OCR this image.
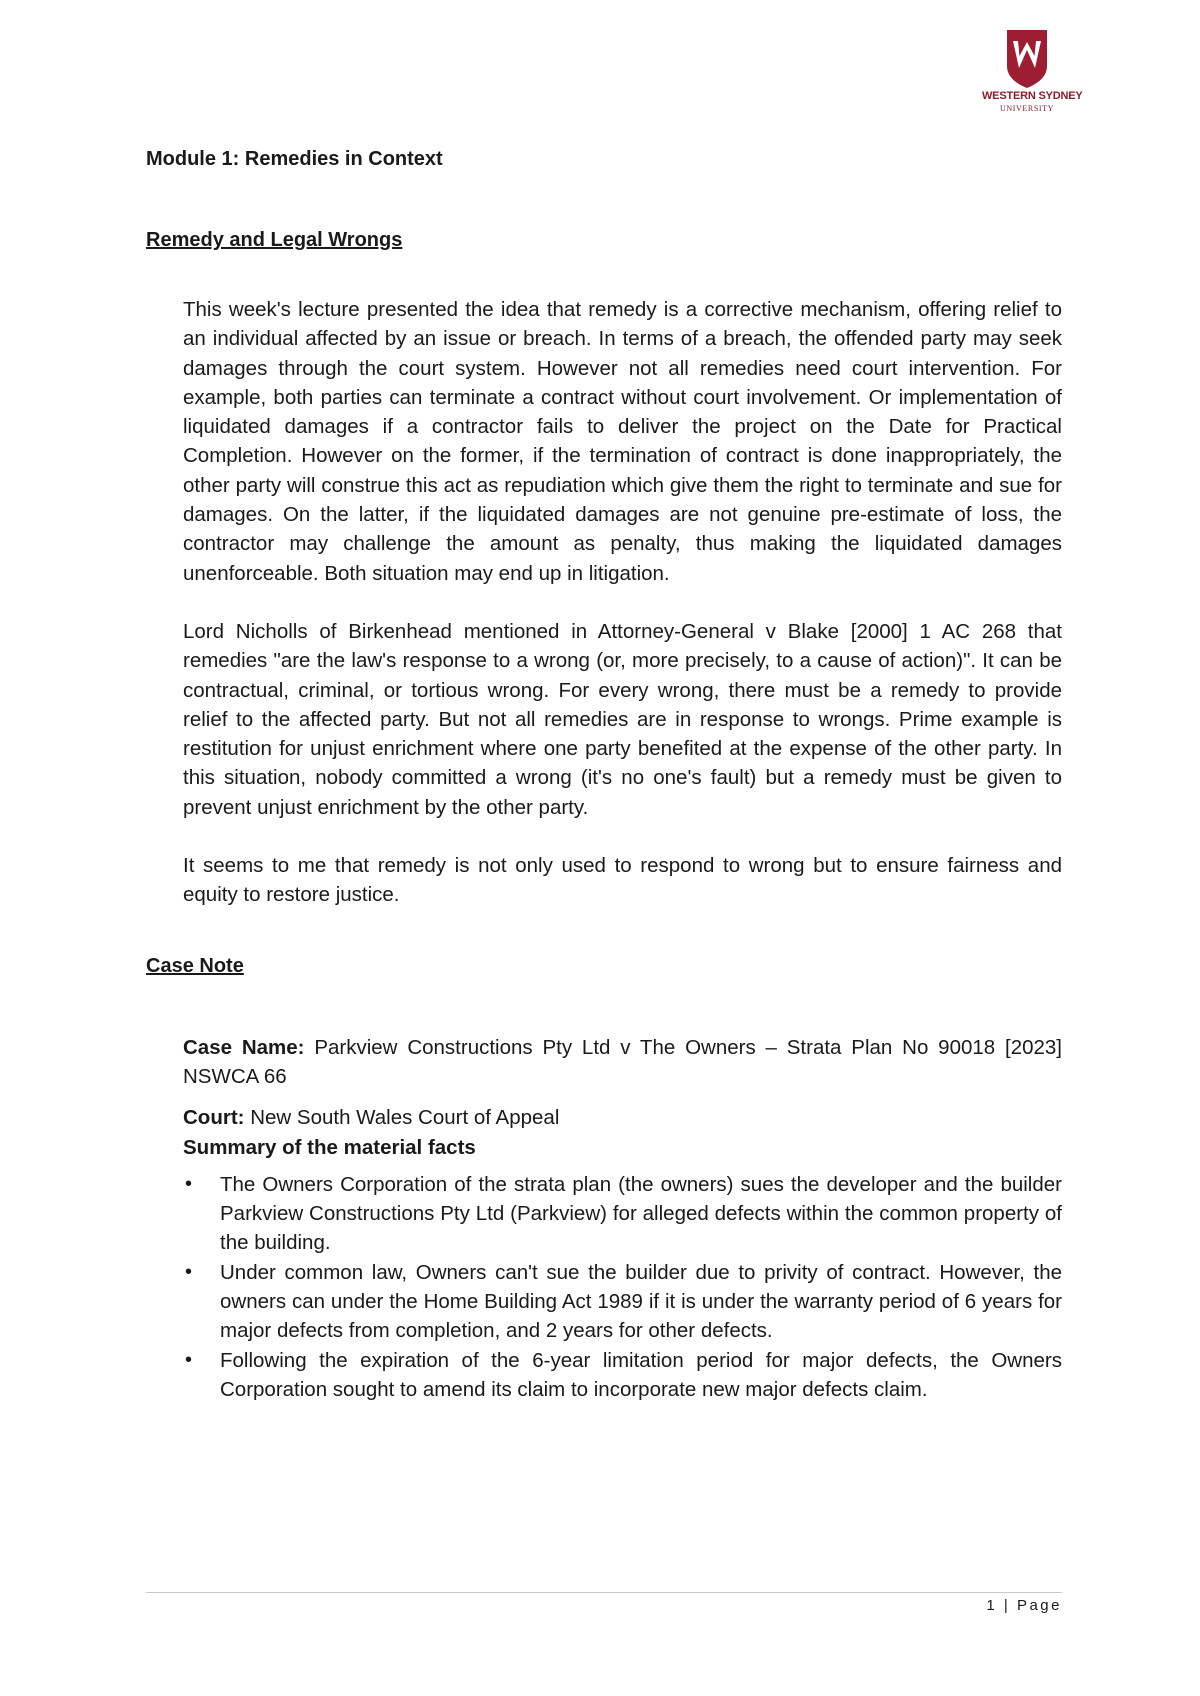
WESTERN SYDNEY
UNIVERSITY
Module 1: Remedies in Context
Remedy and Legal Wrongs

This week's lecture presented the idea that remedy is a corrective mechanism, offering relief to an individual affected by an issue or breach. In terms of a breach, the offended party may seek damages through the court system. However not all remedies need court intervention. For example, both parties can terminate a contract without court involvement. Or implementation of liquidated damages if a contractor fails to deliver the project on the Date for Practical Completion. However on the former, if the termination of contract is done inappropriately, the other party will construe this act as repudiation which give them the right to terminate and sue for damages. On the latter, if the liquidated damages are not genuine pre-estimate of loss, the contractor may challenge the amount as penalty, thus making the liquidated damages unenforceable. Both situation may end up in litigation.

Lord Nicholls of Birkenhead mentioned in Attorney-General v Blake [2000] 1 AC 268 that remedies "are the law's response to a wrong (or, more precisely, to a cause of action)". It can be contractual, criminal, or tortious wrong. For every wrong, there must be a remedy to provide relief to the affected party. But not all remedies are in response to wrongs. Prime example is restitution for unjust enrichment where one party benefited at the expense of the other party. In this situation, nobody committed a wrong (it's no one's fault) but a remedy must be given to prevent unjust enrichment by the other party.

It seems to me that remedy is not only used to respond to wrong but to ensure fairness and equity to restore justice.

Case Note

Case Name: Parkview Constructions Pty Ltd v The Owners – Strata Plan No 90018 [2023] NSWCA 66

Court: New South Wales Court of Appeal

Summary of the material facts

• The Owners Corporation of the strata plan (the owners) sues the developer and the builder Parkview Constructions Pty Ltd (Parkview) for alleged defects within the common property of the building.
• Under common law, Owners can't sue the builder due to privity of contract. However, the owners can under the Home Building Act 1989 if it is under the warranty period of 6 years for major defects from completion, and 2 years for other defects.
• Following the expiration of the 6-year limitation period for major defects, the Owners Corporation sought to amend its claim to incorporate new major defects claim.
1 | Page
